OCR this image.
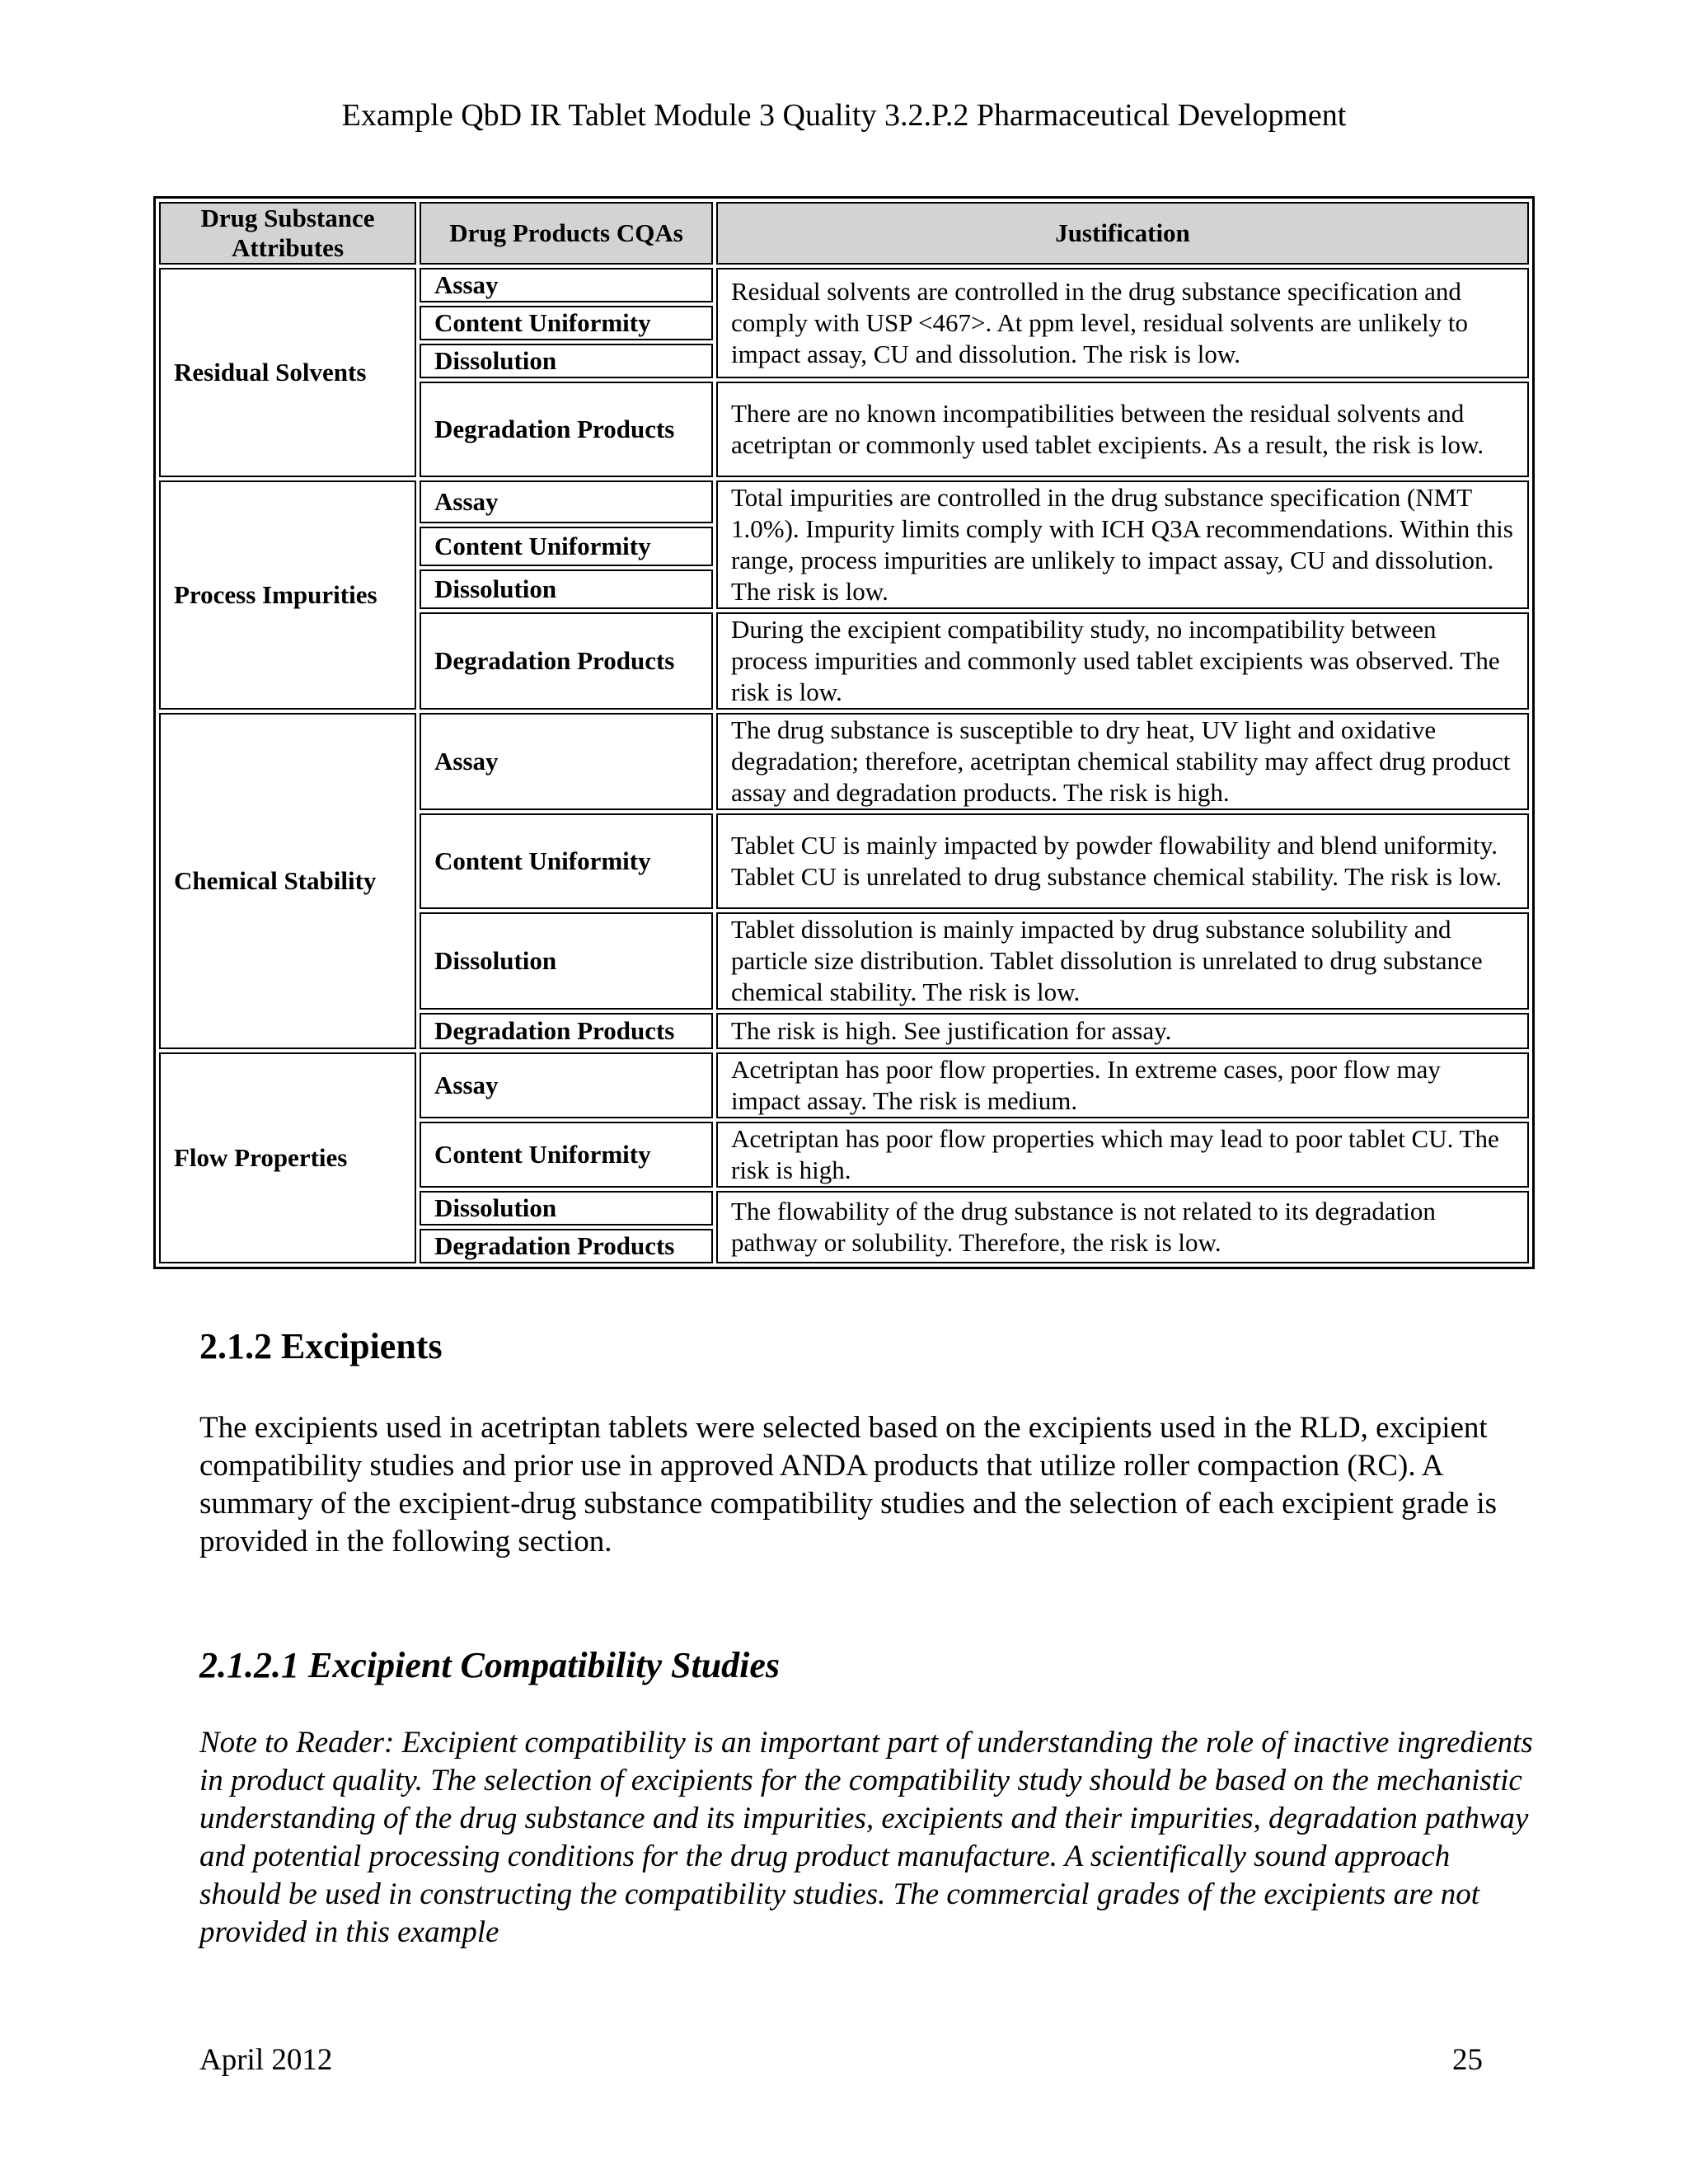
Example QbD IR Tablet Module 3 Quality 3.2.P.2 Pharmaceutical Development
Drug Substance Attributes	Drug Products CQAs	Justification
Residual Solvents	Assay	Residual solvents are controlled in the drug substance specification and comply with USP <467>. At ppm level, residual solvents are unlikely to impact assay, CU and dissolution. The risk is low.
	Content Uniformity	
	Dissolution	
	Degradation Products	There are no known incompatibilities between the residual solvents and acetriptan or commonly used tablet excipients. As a result, the risk is low.
Process Impurities	Assay	Total impurities are controlled in the drug substance specification (NMT 1.0%). Impurity limits comply with ICH Q3A recommendations. Within this range, process impurities are unlikely to impact assay, CU and dissolution. The risk is low.
	Content Uniformity	
	Dissolution	
	Degradation Products	During the excipient compatibility study, no incompatibility between process impurities and commonly used tablet excipients was observed. The risk is low.
Chemical Stability	Assay	The drug substance is susceptible to dry heat, UV light and oxidative degradation; therefore, acetriptan chemical stability may affect drug product assay and degradation products. The risk is high.
	Content Uniformity	Tablet CU is mainly impacted by powder flowability and blend uniformity. Tablet CU is unrelated to drug substance chemical stability. The risk is low.
	Dissolution	Tablet dissolution is mainly impacted by drug substance solubility and particle size distribution. Tablet dissolution is unrelated to drug substance chemical stability. The risk is low.
	Degradation Products	The risk is high. See justification for assay.
Flow Properties	Assay	Acetriptan has poor flow properties. In extreme cases, poor flow may impact assay. The risk is medium.
	Content Uniformity	Acetriptan has poor flow properties which may lead to poor tablet CU. The risk is high.
	Dissolution	The flowability of the drug substance is not related to its degradation pathway or solubility. Therefore, the risk is low.
	Degradation Products	
2.1.2 Excipients

The excipients used in acetriptan tablets were selected based on the excipients used in the RLD, excipient compatibility studies and prior use in approved ANDA products that utilize roller compaction (RC). A summary of the excipient-drug substance compatibility studies and the selection of each excipient grade is provided in the following section.

2.1.2.1 Excipient Compatibility Studies

Note to Reader: Excipient compatibility is an important part of understanding the role of inactive ingredients in product quality. The selection of excipients for the compatibility study should be based on the mechanistic understanding of the drug substance and its impurities, excipients and their impurities, degradation pathway and potential processing conditions for the drug product manufacture. A scientifically sound approach should be used in constructing the compatibility studies. The commercial grades of the excipients are not provided in this example

April 2012	25
